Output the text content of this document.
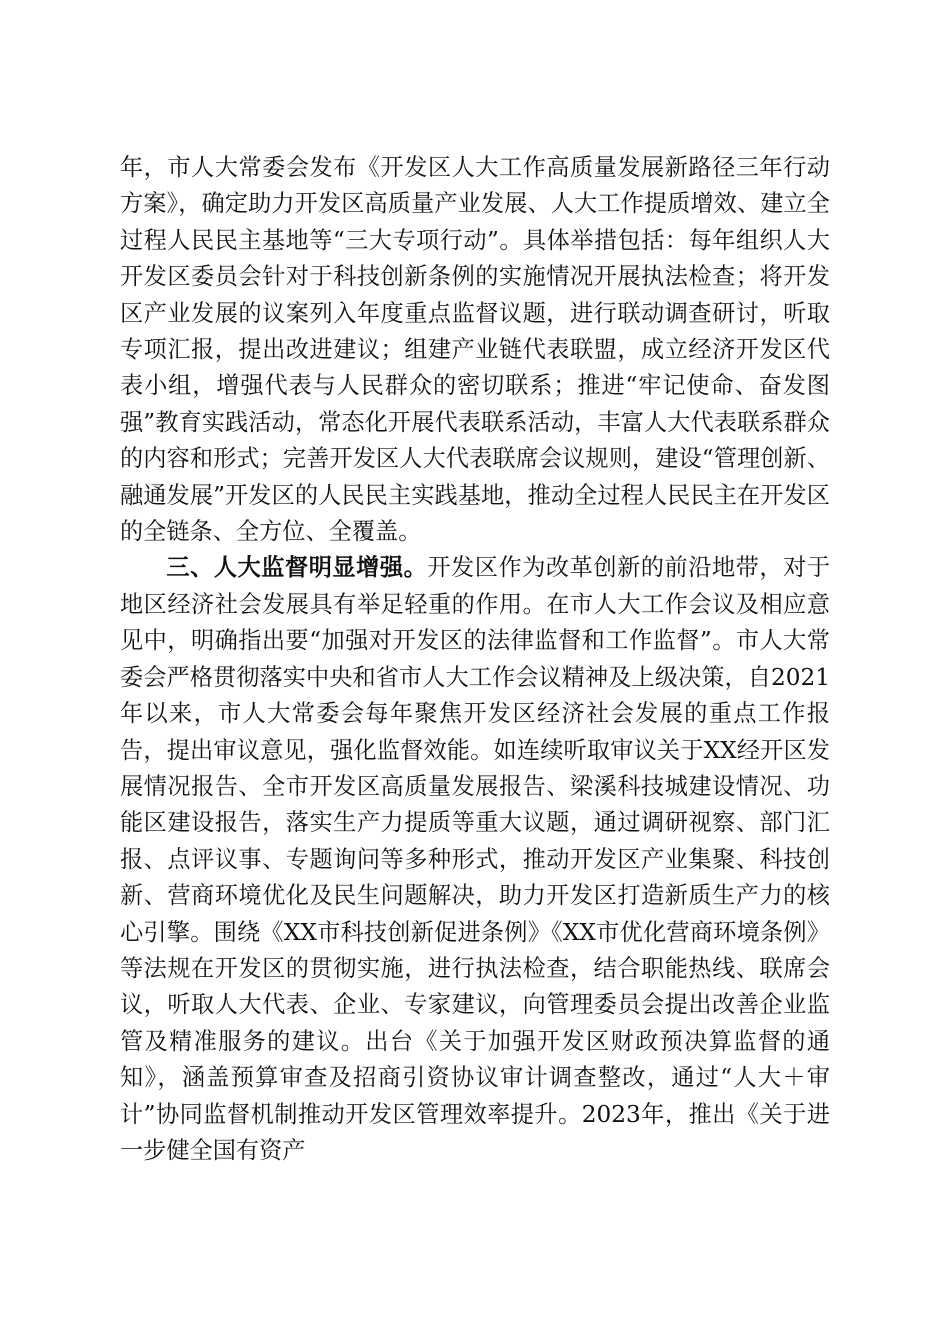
年，市人大常委会发布《开发区人大工作高质量发展新路径三年行动方案》，确定助力开发区高质量产业发展、人大工作提质增效、建立全过程人民民主基地等“三大专项行动”。具体举措包括：每年组织人大开发区委员会针对于科技创新条例的实施情况开展执法检查；将开发区产业发展的议案列入年度重点监督议题，进行联动调查研讨，听取专项汇报，提出改进建议；组建产业链代表联盟，成立经济开发区代表小组，增强代表与人民群众的密切联系；推进“牢记使命、奋发图强”教育实践活动，常态化开展代表联系活动，丰富人大代表联系群众的内容和形式；完善开发区人大代表联席会议规则，建设“管理创新、融通发展”开发区的人民民主实践基地，推动全过程人民民主在开发区的全链条、全方位、全覆盖。

三、人大监督明显增强。开发区作为改革创新的前沿地带，对于地区经济社会发展具有举足轻重的作用。在市人大工作会议及相应意见中，明确指出要“加强对开发区的法律监督和工作监督”。市人大常委会严格贯彻落实中央和省市人大工作会议精神及上级决策，自2021年以来，市人大常委会每年聚焦开发区经济社会发展的重点工作报告，提出审议意见，强化监督效能。如连续听取审议关于XX经开区发展情况报告、全市开发区高质量发展报告、梁溪科技城建设情况、功能区建设报告，落实生产力提质等重大议题，通过调研视察、部门汇报、点评议事、专题询问等多种形式，推动开发区产业集聚、科技创新、营商环境优化及民生问题解决，助力开发区打造新质生产力的核心引擎。围绕《XX市科技创新促进条例》《XX市优化营商环境条例》等法规在开发区的贯彻实施，进行执法检查，结合职能热线、联席会议，听取人大代表、企业、专家建议，向管理委员会提出改善企业监管及精准服务的建议。出台《关于加强开发区财政预决算监督的通知》，涵盖预算审查及招商引资协议审计调查整改，通过“人大＋审计”协同监督机制推动开发区管理效率提升。2023年，推出《关于进一步健全国有资产
